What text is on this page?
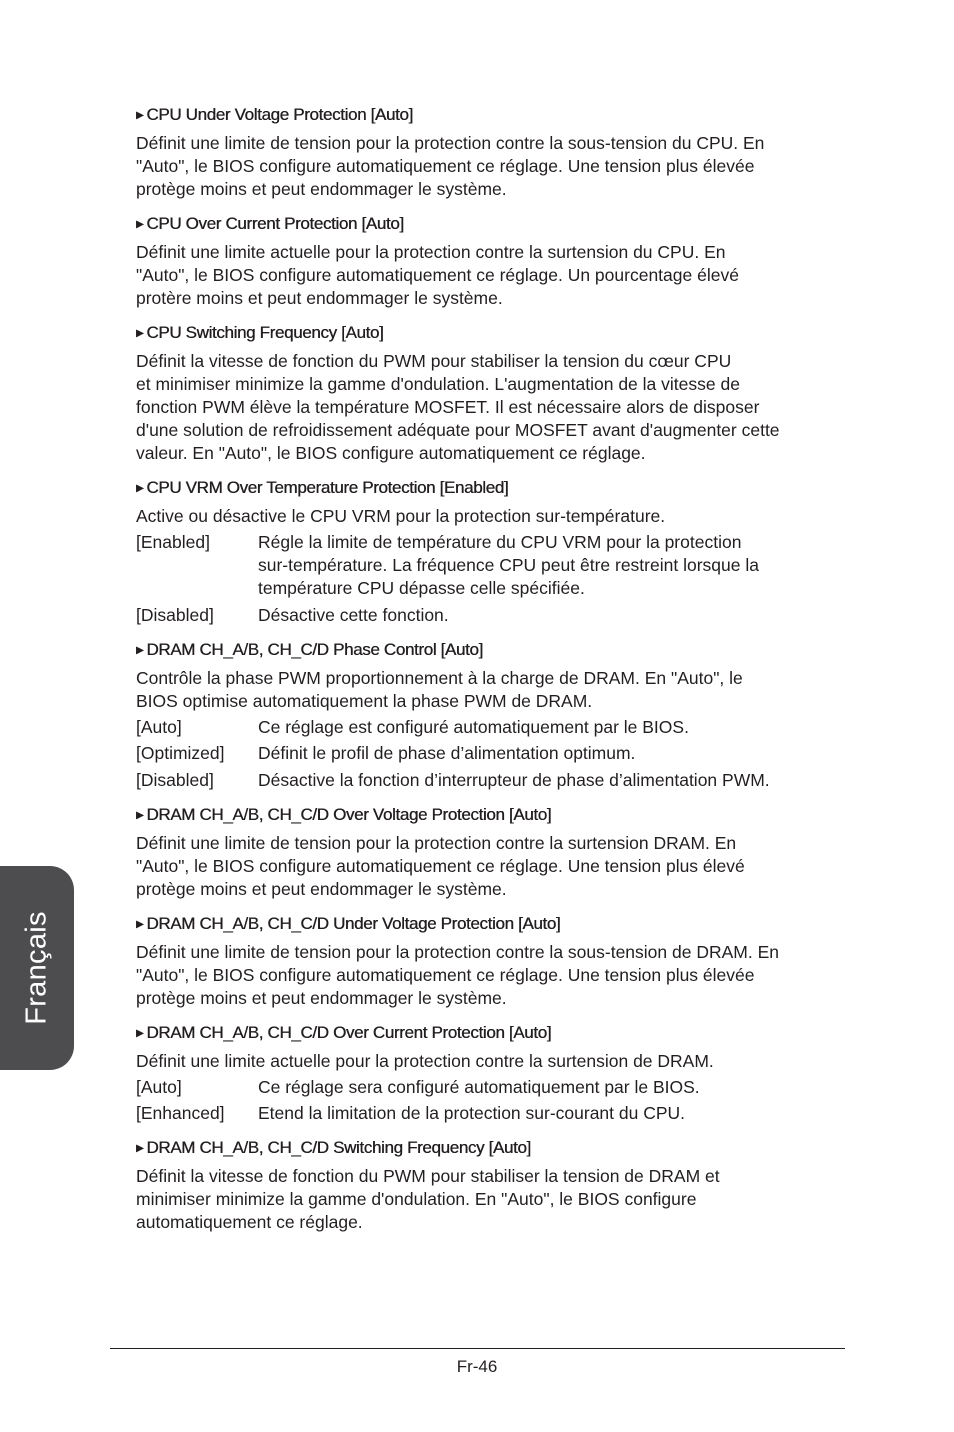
▶ CPU Under Voltage Protection [Auto]

Définit une limite de tension pour la protection contre la sous-tension du CPU. En
"Auto", le BIOS configure automatiquement ce réglage. Une tension plus élevée
protège moins et peut endommager le système.

▶ CPU Over Current Protection [Auto]

Définit une limite actuelle pour la protection contre la surtension du CPU. En
"Auto", le BIOS configure automatiquement ce réglage. Un pourcentage élevé
protère moins et peut endommager le système.

▶ CPU Switching Frequency [Auto]

Définit la vitesse de fonction du PWM pour stabiliser la tension du cœur CPU
et minimiser minimize la gamme d'ondulation. L'augmentation de la vitesse de
fonction PWM élève la température MOSFET. Il est nécessaire alors de disposer
d'une solution de refroidissement adéquate pour MOSFET avant d'augmenter cette
valeur. En "Auto", le BIOS configure automatiquement ce réglage.

▶ CPU VRM Over Temperature Protection [Enabled]

Active ou désactive le CPU VRM pour la protection sur-température.

[Enabled]	Régle la limite de température du CPU VRM pour la protection
sur-température. La fréquence CPU peut être restreint lorsque la
température CPU dépasse celle spécifiée.
[Disabled]	Désactive cette fonction.
▶ DRAM CH_A/B, CH_C/D Phase Control [Auto]

Contrôle la phase PWM proportionnement à la charge de DRAM. En "Auto", le
BIOS optimise automatiquement la phase PWM de DRAM.

[Auto]	Ce réglage est configuré automatiquement par le BIOS.
[Optimized]	Définit le profil de phase d’alimentation optimum.
[Disabled]	Désactive la fonction d’interrupteur de phase d’alimentation PWM.
▶ DRAM CH_A/B, CH_C/D Over Voltage Protection [Auto]

Définit une limite de tension pour la protection contre la surtension DRAM. En
"Auto", le BIOS configure automatiquement ce réglage. Une tension plus élevé
protège moins et peut endommager le système.

▶ DRAM CH_A/B, CH_C/D Under Voltage Protection [Auto]

Définit une limite de tension pour la protection contre la sous-tension de DRAM. En
"Auto", le BIOS configure automatiquement ce réglage. Une tension plus élevée
protège moins et peut endommager le système.

▶ DRAM CH_A/B, CH_C/D Over Current Protection [Auto]

Définit une limite actuelle pour la protection contre la surtension de DRAM.

[Auto]	Ce réglage sera configuré automatiquement par le BIOS.
[Enhanced]	Etend la limitation de la protection sur-courant du CPU.
▶ DRAM CH_A/B, CH_C/D Switching Frequency [Auto]

Définit la vitesse de fonction du PWM pour stabiliser la tension de DRAM et
minimiser minimize la gamme d'ondulation. En "Auto", le BIOS configure
automatiquement ce réglage.

Français
Fr-46
